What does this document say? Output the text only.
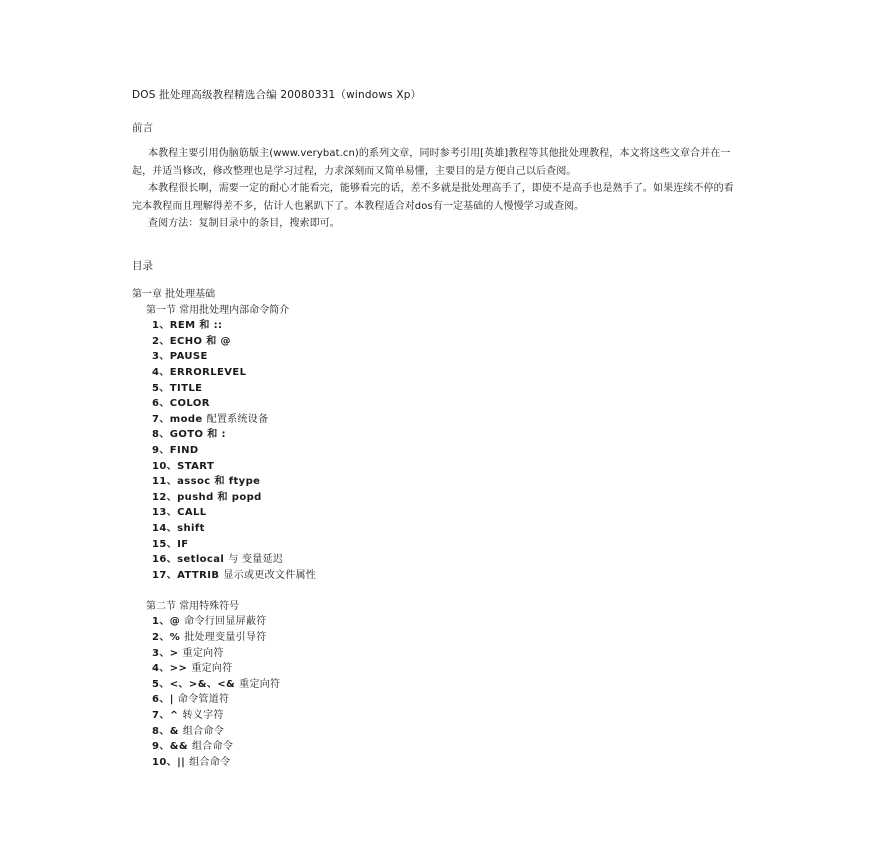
DOS 批处理高级教程精选合编 20080331（windows Xp）
前言

本教程主要引用伪脑筋版主(www.verybat.cn)的系列文章，同时参考引用[英雄]教程等其他批处理教程，本文将这些文章合并在一起，并适当修改，修改整理也是学习过程，力求深刻而又简单易懂，主要目的是方便自己以后查阅。

本教程很长啊，需要一定的耐心才能看完，能够看完的话，差不多就是批处理高手了，即使不是高手也是熟手了。如果连续不停的看完本教程而且理解得差不多，估计人也累趴下了。本教程适合对dos有一定基础的人慢慢学习或查阅。

查阅方法：复制目录中的条目，搜索即可。

目录
第一章 批处理基础
第一节 常用批处理内部命令简介
1、REM 和 ::
2、ECHO 和 @
3、PAUSE
4、ERRORLEVEL
5、TITLE
6、COLOR
7、mode 配置系统设备
8、GOTO 和 :
9、FIND
10、START
11、assoc 和 ftype
12、pushd 和 popd
13、CALL
14、shift
15、IF
16、setlocal 与 变量延迟
17、ATTRIB 显示或更改文件属性
第二节 常用特殊符号
1、@ 命令行回显屏蔽符
2、% 批处理变量引导符
3、> 重定向符
4、>> 重定向符
5、<、>&、<& 重定向符
6、| 命令管道符
7、^ 转义字符
8、& 组合命令
9、&& 组合命令
10、|| 组合命令
